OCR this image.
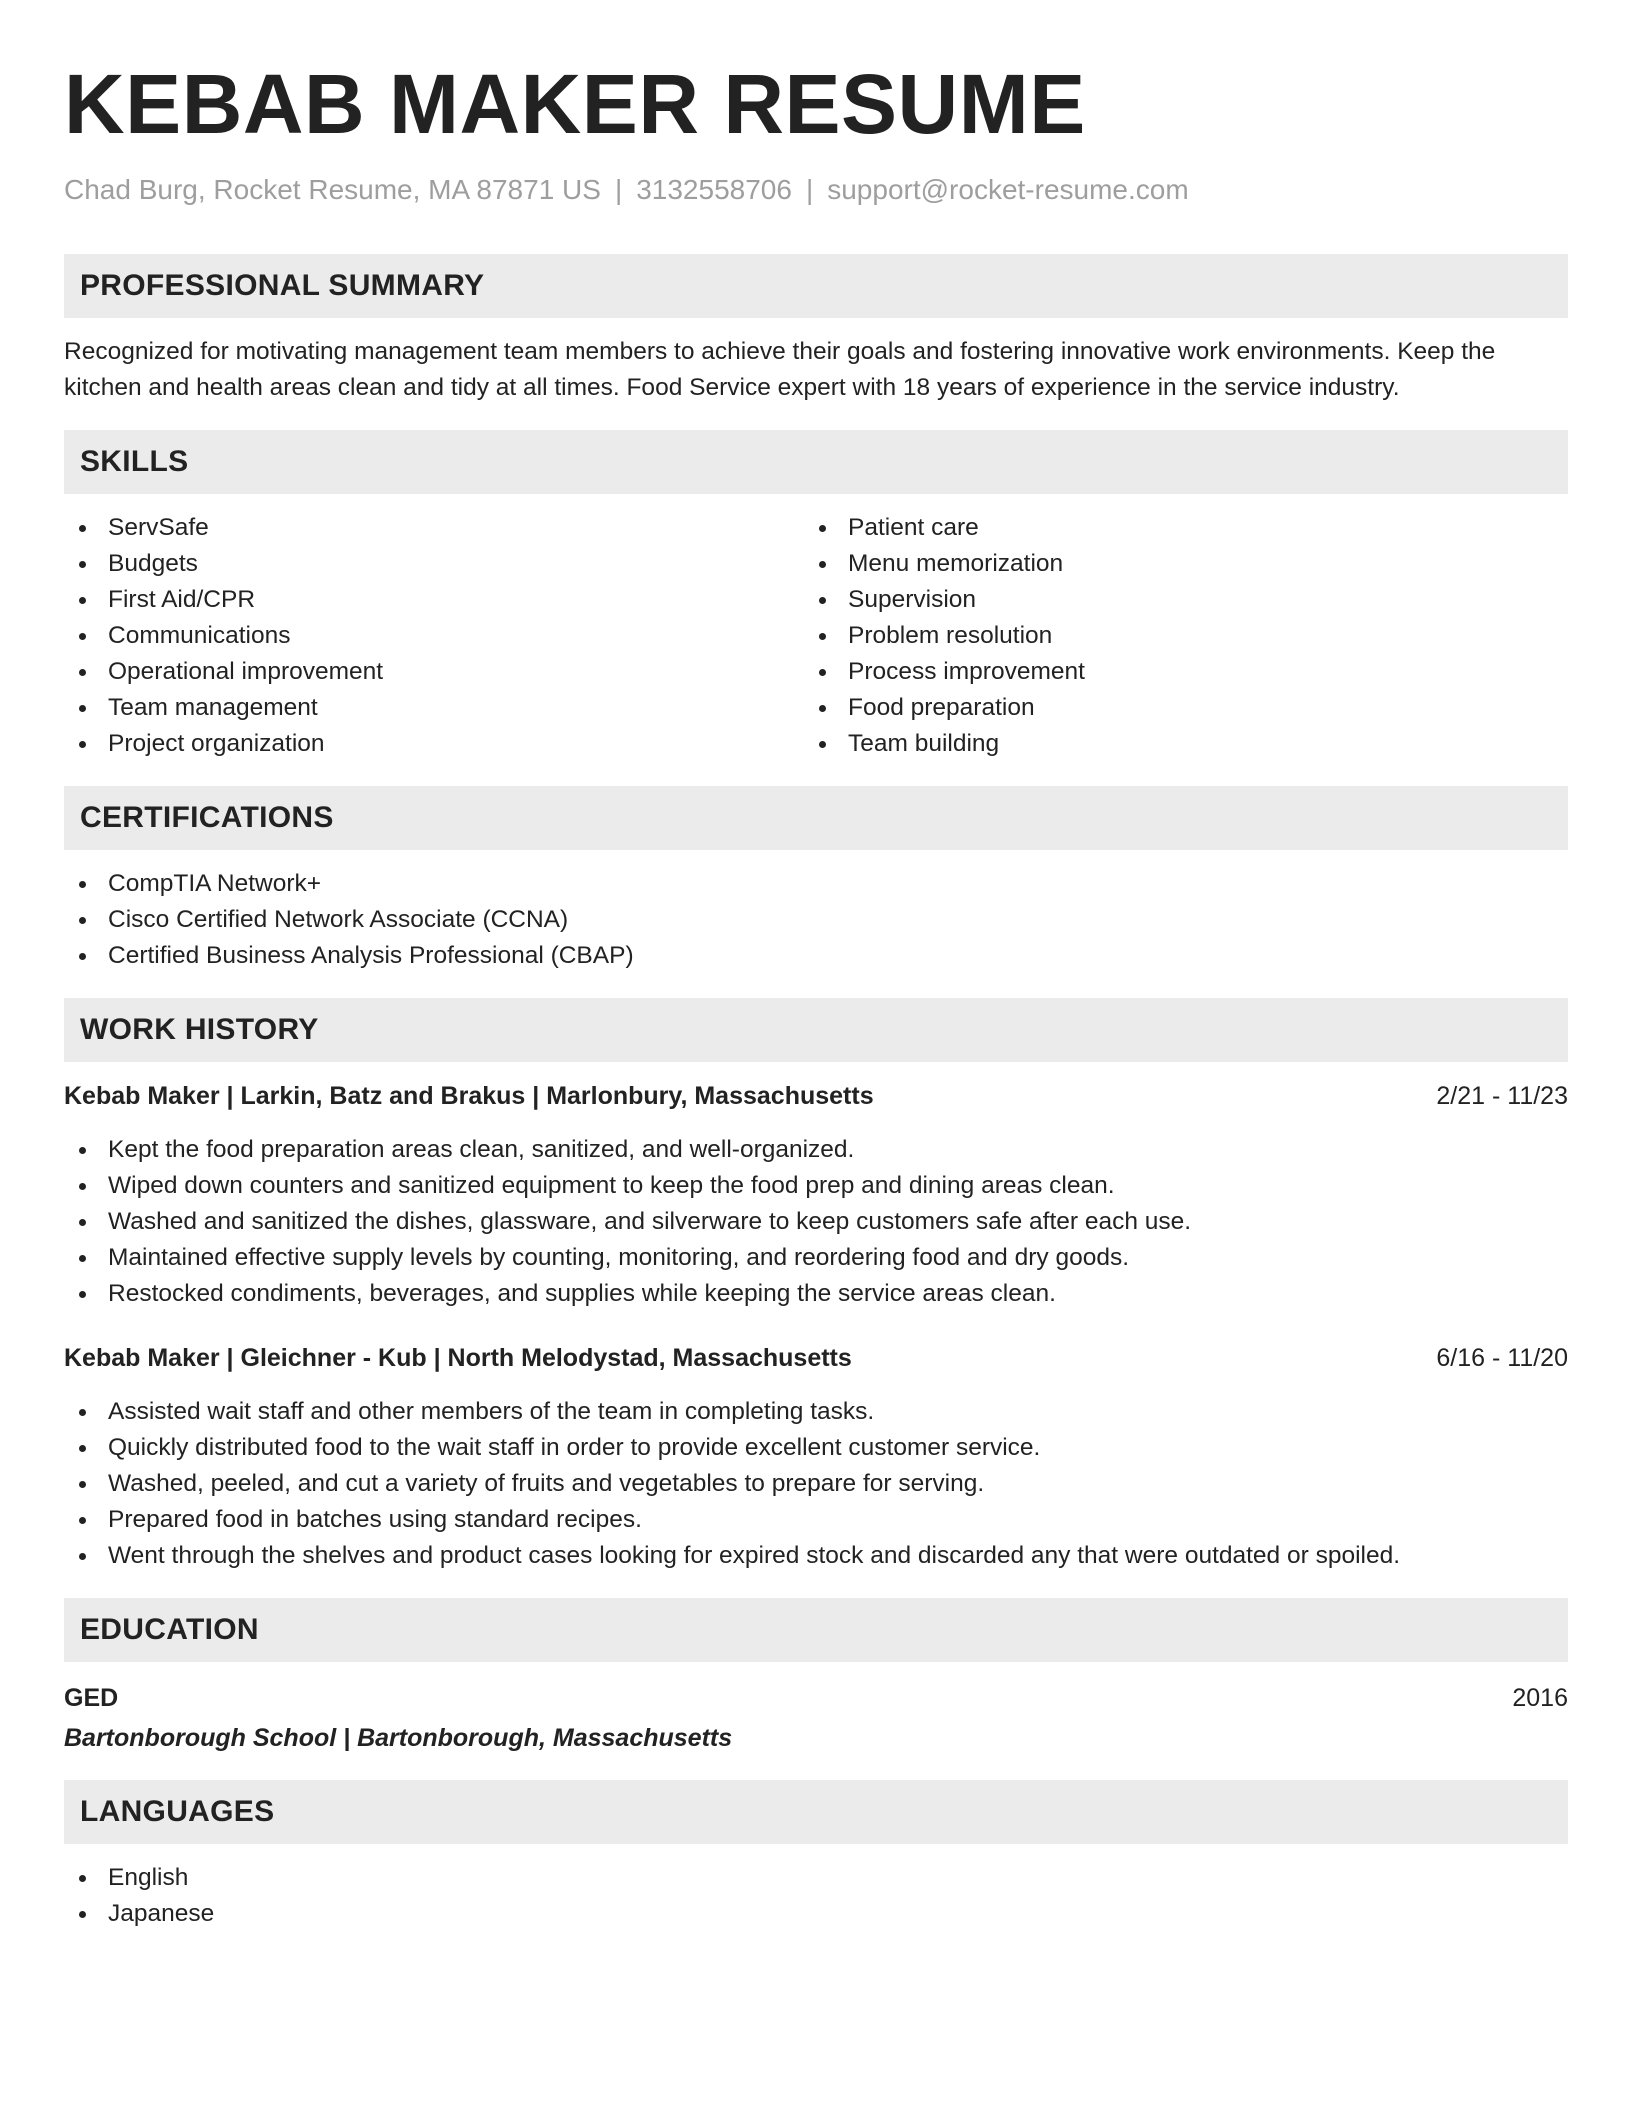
KEBAB MAKER RESUME
Chad Burg, Rocket Resume, MA 87871 US | 3132558706 | support@rocket-resume.com
PROFESSIONAL SUMMARY

Recognized for motivating management team members to achieve their goals and fostering innovative work environments. Keep the kitchen and health areas clean and tidy at all times. Food Service expert with 18 years of experience in the service industry.

SKILLS
ServSafe
Budgets
First Aid/CPR
Communications
Operational improvement
Team management
Project organization
Patient care
Menu memorization
Supervision
Problem resolution
Process improvement
Food preparation
Team building
CERTIFICATIONS
CompTIA Network+
Cisco Certified Network Associate (CCNA)
Certified Business Analysis Professional (CBAP)
WORK HISTORY
Kebab Maker | Larkin, Batz and Brakus | Marlonbury, Massachusetts	2/21 - 11/23
Kept the food preparation areas clean, sanitized, and well-organized.
Wiped down counters and sanitized equipment to keep the food prep and dining areas clean.
Washed and sanitized the dishes, glassware, and silverware to keep customers safe after each use.
Maintained effective supply levels by counting, monitoring, and reordering food and dry goods.
Restocked condiments, beverages, and supplies while keeping the service areas clean.
Kebab Maker | Gleichner - Kub | North Melodystad, Massachusetts	6/16 - 11/20
Assisted wait staff and other members of the team in completing tasks.
Quickly distributed food to the wait staff in order to provide excellent customer service.
Washed, peeled, and cut a variety of fruits and vegetables to prepare for serving.
Prepared food in batches using standard recipes.
Went through the shelves and product cases looking for expired stock and discarded any that were outdated or spoiled.
EDUCATION
GED	2016
Bartonborough School | Bartonborough, Massachusetts
LANGUAGES
English
Japanese
